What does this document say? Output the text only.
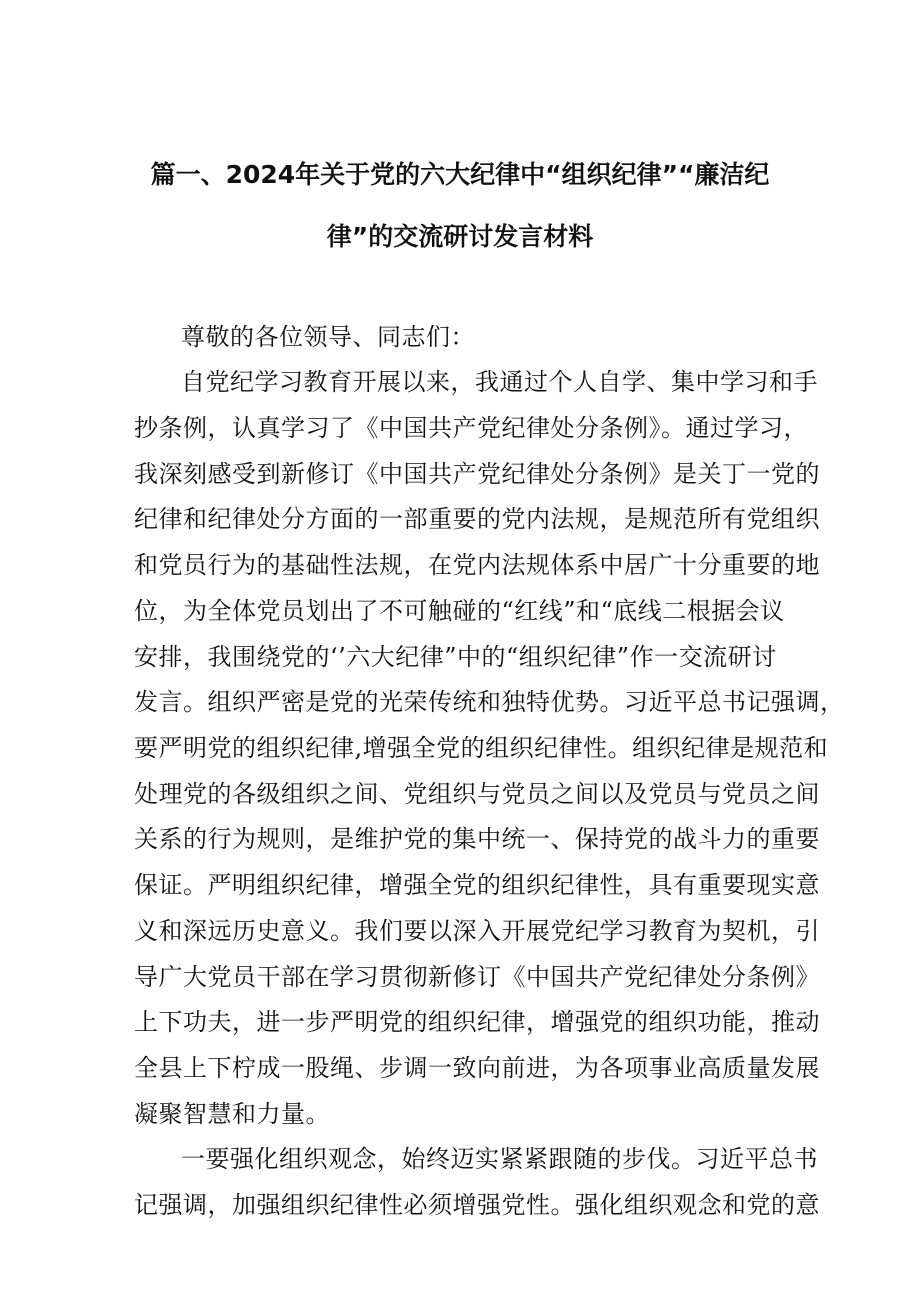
篇一、2024年关于党的六大纪律中“组织纪律”“廉洁纪
律”的交流研讨发言材料
尊敬的各位领导、同志们：
自党纪学习教育开展以来，我通过个人自学、集中学习和手
抄条例，认真学习了《中国共产党纪律处分条例》。通过学习，
我深刻感受到新修订《中国共产党纪律处分条例》是关丁一党的
纪律和纪律处分方面的一部重要的党内法规，是规范所有党组织
和党员行为的基础性法规，在党内法规体系中居广十分重要的地
位，为全体党员划出了不可触碰的“红线”和“底线二根据会议
安排，我围绕党的‘’六大纪律”中的“组织纪律”作一交流研讨
发言。组织严密是党的光荣传统和独特优势。习近平总书记强调，
要严明党的组织纪律,增强全党的组织纪律性。组织纪律是规范和
处理党的各级组织之间、党组织与党员之间以及党员与党员之间
关系的行为规则，是维护党的集中统一、保持党的战斗力的重要
保证。严明组织纪律，增强全党的组织纪律性，具有重要现实意
义和深远历史意义。我们要以深入开展党纪学习教育为契机，引
导广大党员干部在学习贯彻新修订《中国共产党纪律处分条例》
上下功夫，进一步严明党的组织纪律，增强党的组织功能，推动
全县上下柠成一股绳、步调一致向前进，为各项事业高质量发展
凝聚智慧和力量。
一要强化组织观念，始终迈实紧紧跟随的步伐。习近平总书
记强调，加强组织纪律性必须增强党性。强化组织观念和党的意
